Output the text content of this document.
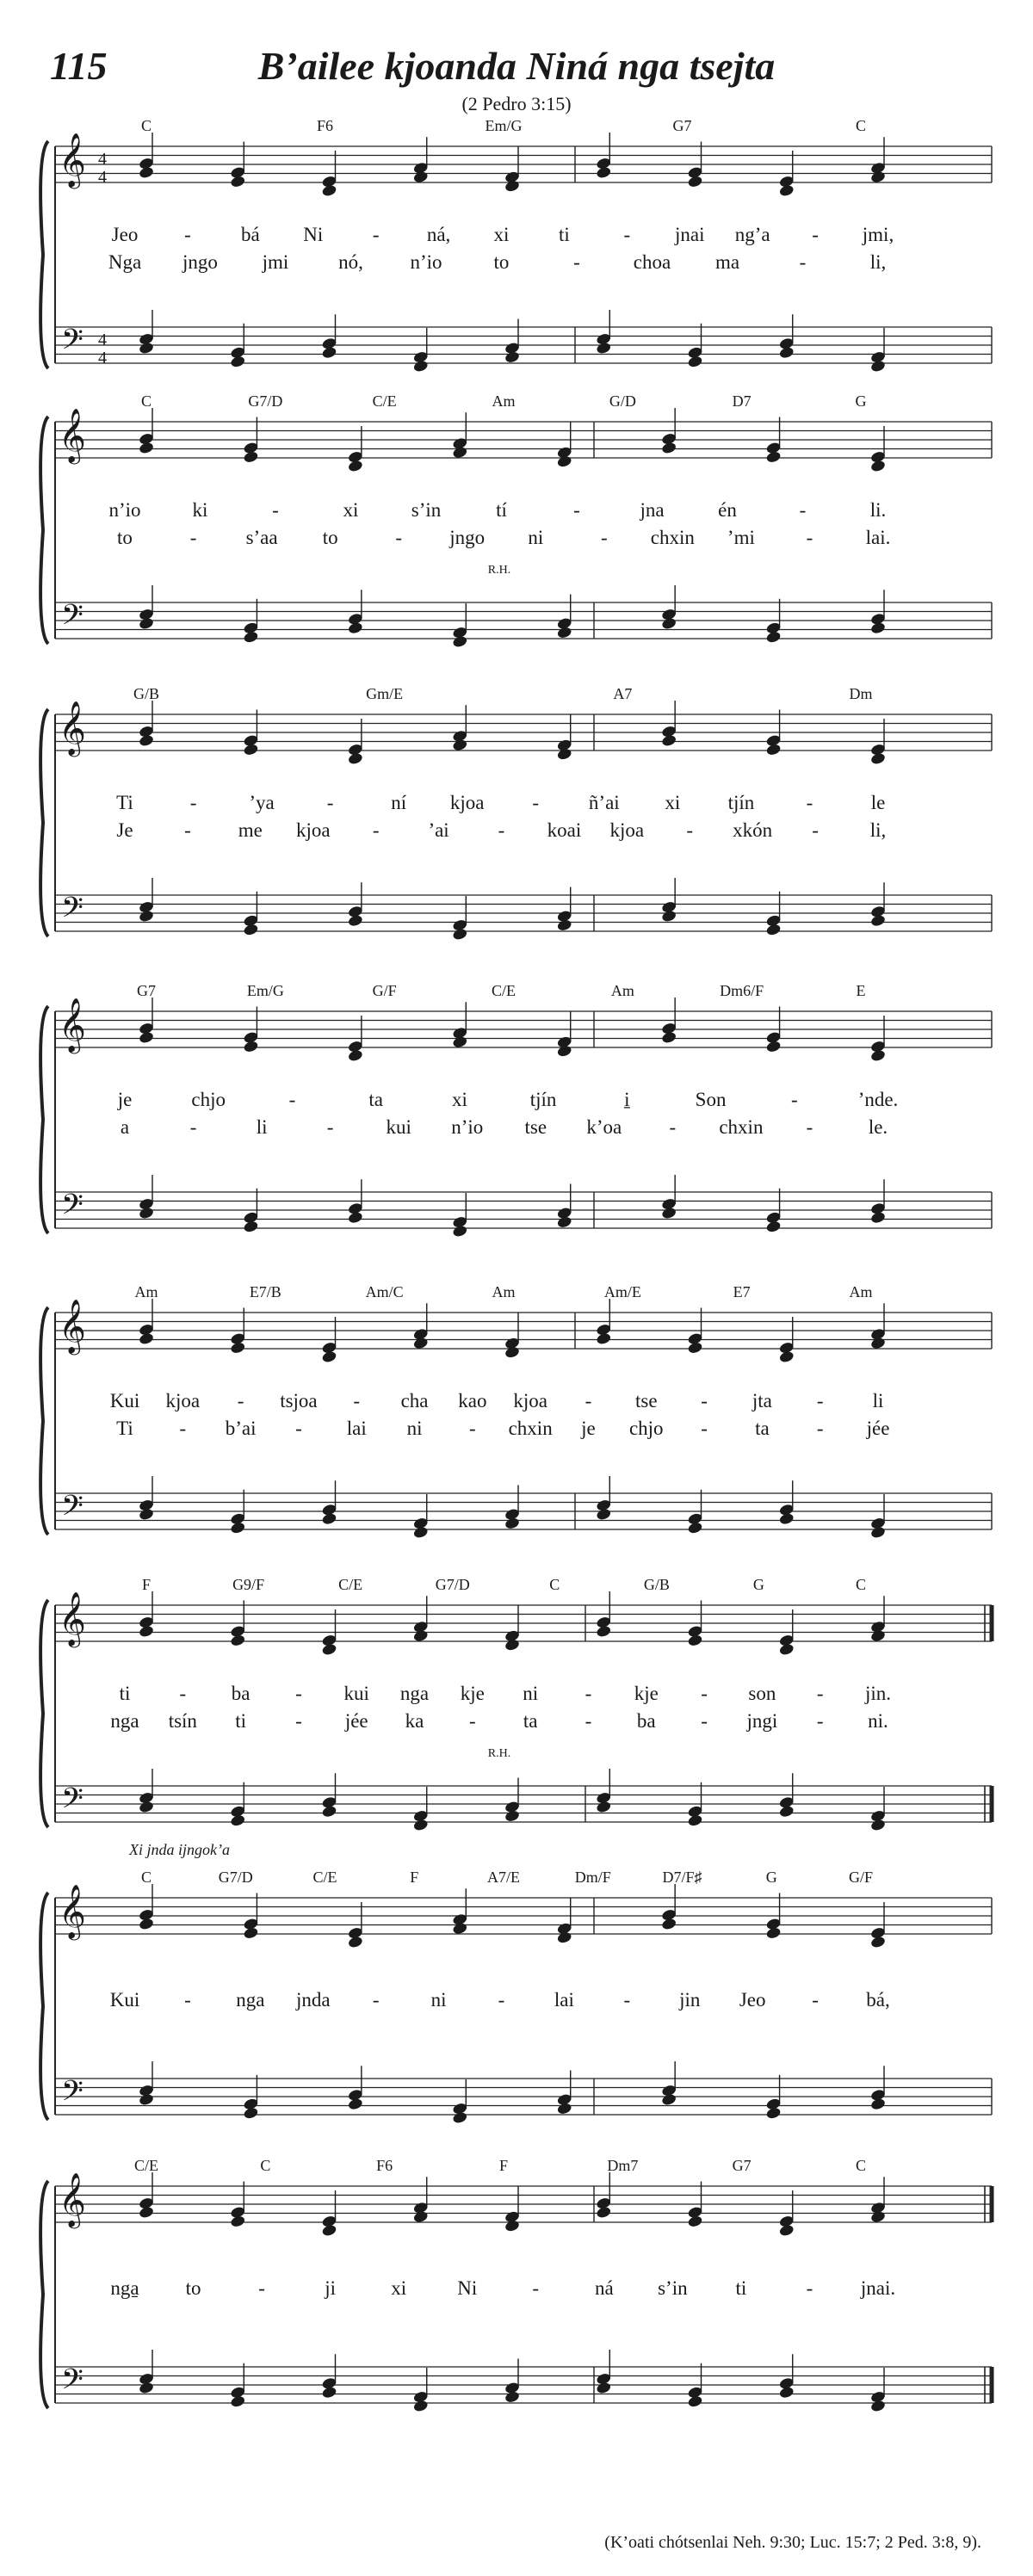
115	B’ailee kjoanda Niná nga tsejta
(2 Pedro 3:15)
𝄞
𝄢
4
4
4
4
C	F6	Em/G	G7	C
Jeo -	bá Ni	- ná, xi	ti	- jnai ng’a - jmi,
Nga jngo jmi	nó, n’io	to	-	choa ma	-	li,
𝄞
𝄢
C	G7/D	C/E	Am	G/D	D7	G
n’io	ki	-	xi	s’in	tí	-	jna	én	-	li.
to	- s’aa to	- jngo ni	- chxin ’mi	-	lai.
R.H.
𝄞
𝄢
G/B	Gm/E	A7	Dm
Ti	-	’ya	-	ní kjoa -	ñ’ai xi tjín	-	le
Je	- me kjoa - ’ai - koai kjoa - xkón -	li,
𝄞
𝄢
G7	Em/G	G/F	C/E	Am	Dm6/F	E
je	chjo	-	ta	xi	tjín	i̱	Son	-	’nde.
a	-	li	-	kui n’io tse k’oa - chxin -	le.
𝄞
𝄢
Am	E7/B	Am/C	Am	Am/E	E7	Am
Kui kjoa - tsjoa - cha kao kjoa - tse - jta - li
Ti - b’ai - lai ni - chxin je chjo - ta - jée
𝄞
𝄢
F	G9/F	C/E	G7/D	C	G/B	G	C
ti - ba - kui nga kje ni - kje - son - jin.
nga tsín ti - jée ka - ta - ba - jngi - ni.
R.H.
𝄞
𝄢
C	G7/D	C/E	F	A7/E	Dm/F	D7/F♯	G	G/F
Kui - nga jnda -	ni	-	lai	- jin Jeo - bá,
Xi jnda ijngok’a
𝄞
𝄢
C/E	C	F6	F	Dm7	G7	C
nga̱ to	-	ji	xi	Ni	-	ná s’in ti	- jnai.
(K’oati chótsenlai Neh. 9:30; Luc. 15:7; 2 Ped. 3:8, 9).
